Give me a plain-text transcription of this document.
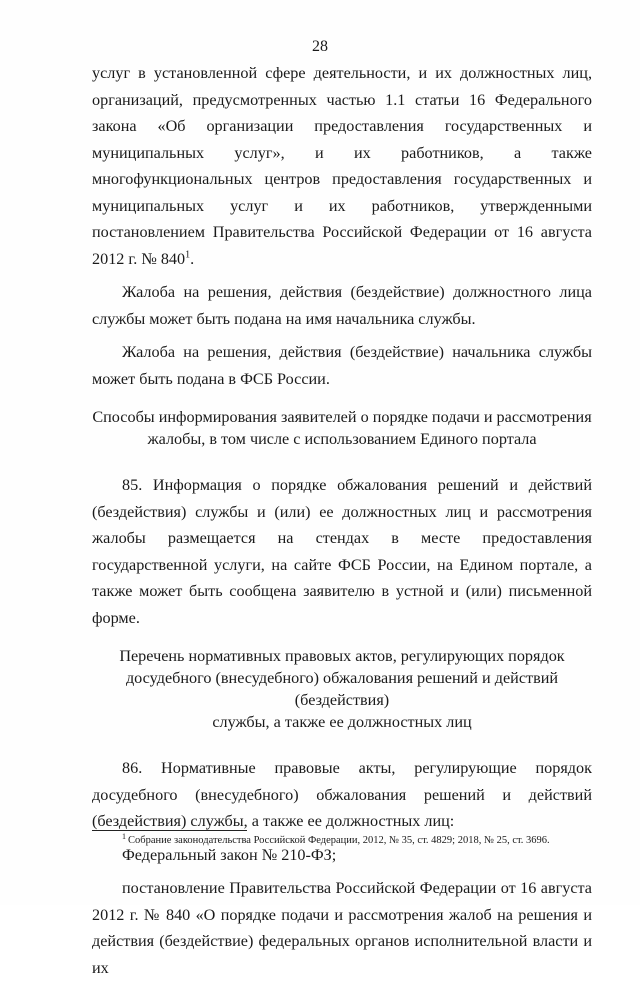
28

услуг в установленной сфере деятельности, и их должностных лиц, организаций, предусмотренных частью 1.1 статьи 16 Федерального закона «Об организации предоставления государственных и муниципальных услуг», и их работников, а также многофункциональных центров предоставления государственных и муниципальных услуг и их работников, утвержденными постановлением Правительства Российской Федерации от 16 августа 2012 г. № $840^1$.

Жалоба на решения, действия (бездействие) должностного лица службы может быть подана на имя начальника службы.

Жалоба на решения, действия (бездействие) начальника службы может быть подана в ФСБ России.

Способы информирования заявителей о порядке подачи и рассмотрения
жалобы, в том числе с использованием Единого портала

85. Информация о порядке обжалования решений и действий (бездействия) службы и (или) ее должностных лиц и рассмотрения жалобы размещается на стендах в месте предоставления государственной услуги, на сайте ФСБ России, на Едином портале, а также может быть сообщена заявителю в устной и (или) письменной форме.

Перечень нормативных правовых актов, регулирующих порядок
досудебного (внесудебного) обжалования решений и действий (бездействия)
службы, а также ее должностных лиц

86. Нормативные правовые акты, регулирующие порядок досудебного (внесудебного) обжалования решений и действий (бездействия) службы, а также ее должностных лиц:

Федеральный закон № 210-ФЗ;

постановление Правительства Российской Федерации от 16 августа 2012 г. № 840 «О порядке подачи и рассмотрения жалоб на решения и действия (бездействие) федеральных органов исполнительной власти и их

$^1$ Собрание законодательства Российской Федерации, 2012, № 35, ст. 4829; 2018, № 25, ст. 3696.
